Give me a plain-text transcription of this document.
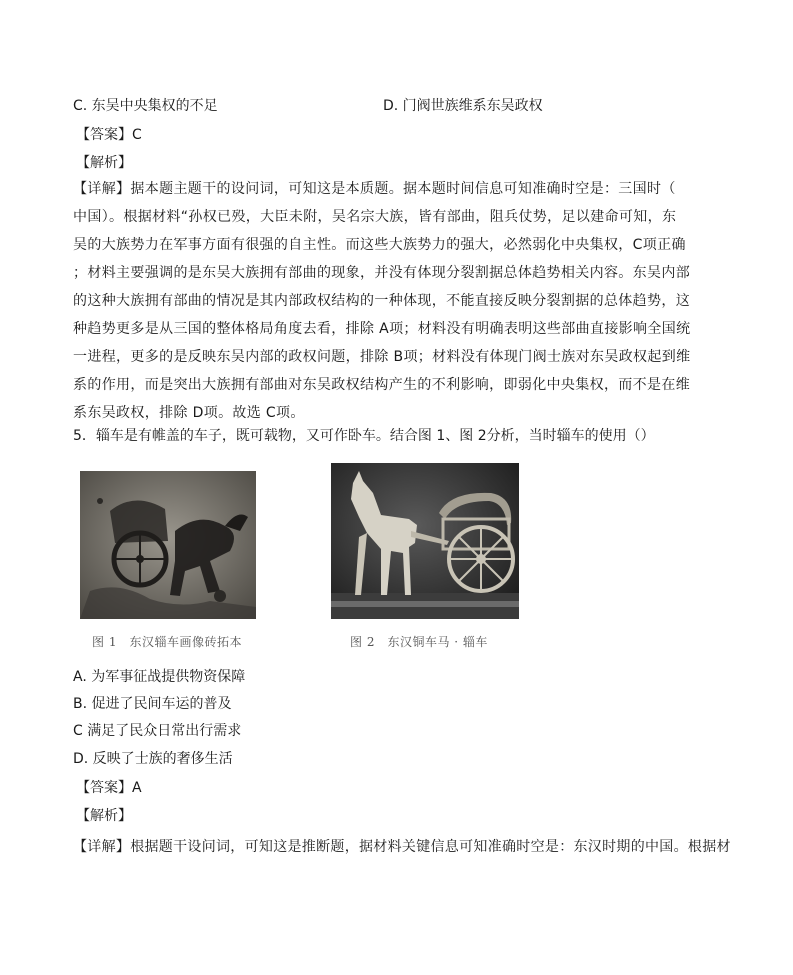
C. 东吴中央集权的不足	D. 门阀世族维系东吴政权
【答案】C
【解析】

【详解】据本题主题干的设问词，可知这是本质题。据本题时间信息可知准确时空是：三国时（

中国）。根据材料“孙权已殁，大臣未附，吴名宗大族，皆有部曲，阻兵仗势，足以建命可知，东

吴的大族势力在军事方面有很强的自主性。而这些大族势力的强大，必然弱化中央集权，C项正确

；材料主要强调的是东吴大族拥有部曲的现象，并没有体现分裂割据总体趋势相关内容。东吴内部

的这种大族拥有部曲的情况是其内部政权结构的一种体现，不能直接反映分裂割据的总体趋势，这

种趋势更多是从三国的整体格局角度去看，排除 A项；材料没有明确表明这些部曲直接影响全国统

一进程，更多的是反映东吴内部的政权问题，排除 B项；材料没有体现门阀士族对东吴政权起到维

系的作用，而是突出大族拥有部曲对东吴政权结构产生的不利影响，即弱化中央集权，而不是在维

系东吴政权，排除 D项。故选 C项。

5．辎车是有帷盖的车子，既可载物，又可作卧车。结合图 1、图 2分析，当时辎车的使用（）
图 1　东汉辎车画像砖拓本	图 2　东汉铜车马 · 辎车
A. 为军事征战提供物资保障
B. 促进了民间车运的普及
C 满足了民众日常出行需求
D. 反映了士族的奢侈生活
【答案】A
【解析】
【详解】根据题干设问词，可知这是推断题，据材料关键信息可知准确时空是：东汉时期的中国。根据材
